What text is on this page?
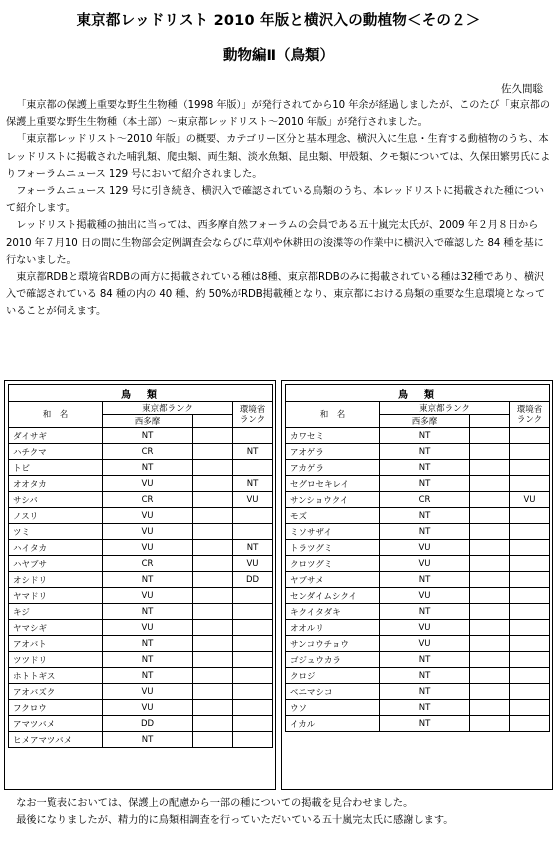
東京都レッドリスト 2010 年版と横沢入の動植物＜その２＞
動物編Ⅱ（鳥類）
佐久間聡

「東京都の保護上重要な野生生物種（1998 年版）」が発行されてから10 年余が経過しましたが、このたび「東京都の保護上重要な野生生物種（本土部）～東京都レッドリスト～2010 年版」が発行されました。

「東京都レッドリスト～2010 年版」の概要、カテゴリー区分と基本理念、横沢入に生息・生育する動植物のうち、本レッドリストに掲載された哺乳類、爬虫類、両生類、淡水魚類、昆虫類、甲殻類、クモ類については、久保田繁男氏によりフォーラムニュース 129 号において紹介されました。

フォーラムニュース 129 号に引き続き、横沢入で確認されている鳥類のうち、本レッドリストに掲載された種について紹介します。

レッドリスト掲載種の抽出に当っては、西多摩自然フォーラムの会員である五十嵐完太氏が、2009 年２月８日から2010 年７月10 日の間に生物部会定例調査会ならびに草刈や休耕田の浚渫等の作業中に横沢入で確認した 84 種を基に行ないました。

東京都RDBと環境省RDBの両方に掲載されている種は8種、東京都RDBのみに掲載されている種は32種であり、横沢入で確認されている 84 種の内の 40 種、約 50%がRDB掲載種となり、東京都における鳥類の重要な生息環境となっていることが伺えます。

鳥　類			
和　名	東京都ランク		環境省ランク
	西多摩		
ダイサギ	NT		
ハチクマ	CR		NT
トビ	NT		
オオタカ	VU		NT
サシバ	CR		VU
ノスリ	VU		
ツミ	VU		
ハイタカ	VU		NT
ハヤブサ	CR		VU
オシドリ	NT		DD
ヤマドリ	VU		
キジ	NT		
ヤマシギ	VU		
アオバト	NT		
ツツドリ	NT		
ホトトギス	NT		
アオバズク	VU		
フクロウ	VU		
アマツバメ	DD		
ヒメアマツバメ	NT		
鳥　類			
和　名	東京都ランク		環境省ランク
	西多摩		
カワセミ	NT		
アオゲラ	NT		
アカゲラ	NT		
セグロセキレイ	NT		
サンショウクイ	CR		VU
モズ	NT		
ミソサザイ	NT		
トラツグミ	VU		
クロツグミ	VU		
ヤブサメ	NT		
センダイムシクイ	VU		
キクイタダキ	NT		
オオルリ	VU		
サンコウチョウ	VU		
ゴジュウカラ	NT		
クロジ	NT		
ベニマシコ	NT		
ウソ	NT		
イカル	NT		

なお一覧表においては、保護上の配慮から一部の種についての掲載を見合わせました。

最後になりましたが、精力的に鳥類相調査を行っていただいている五十嵐完太氏に感謝します。
